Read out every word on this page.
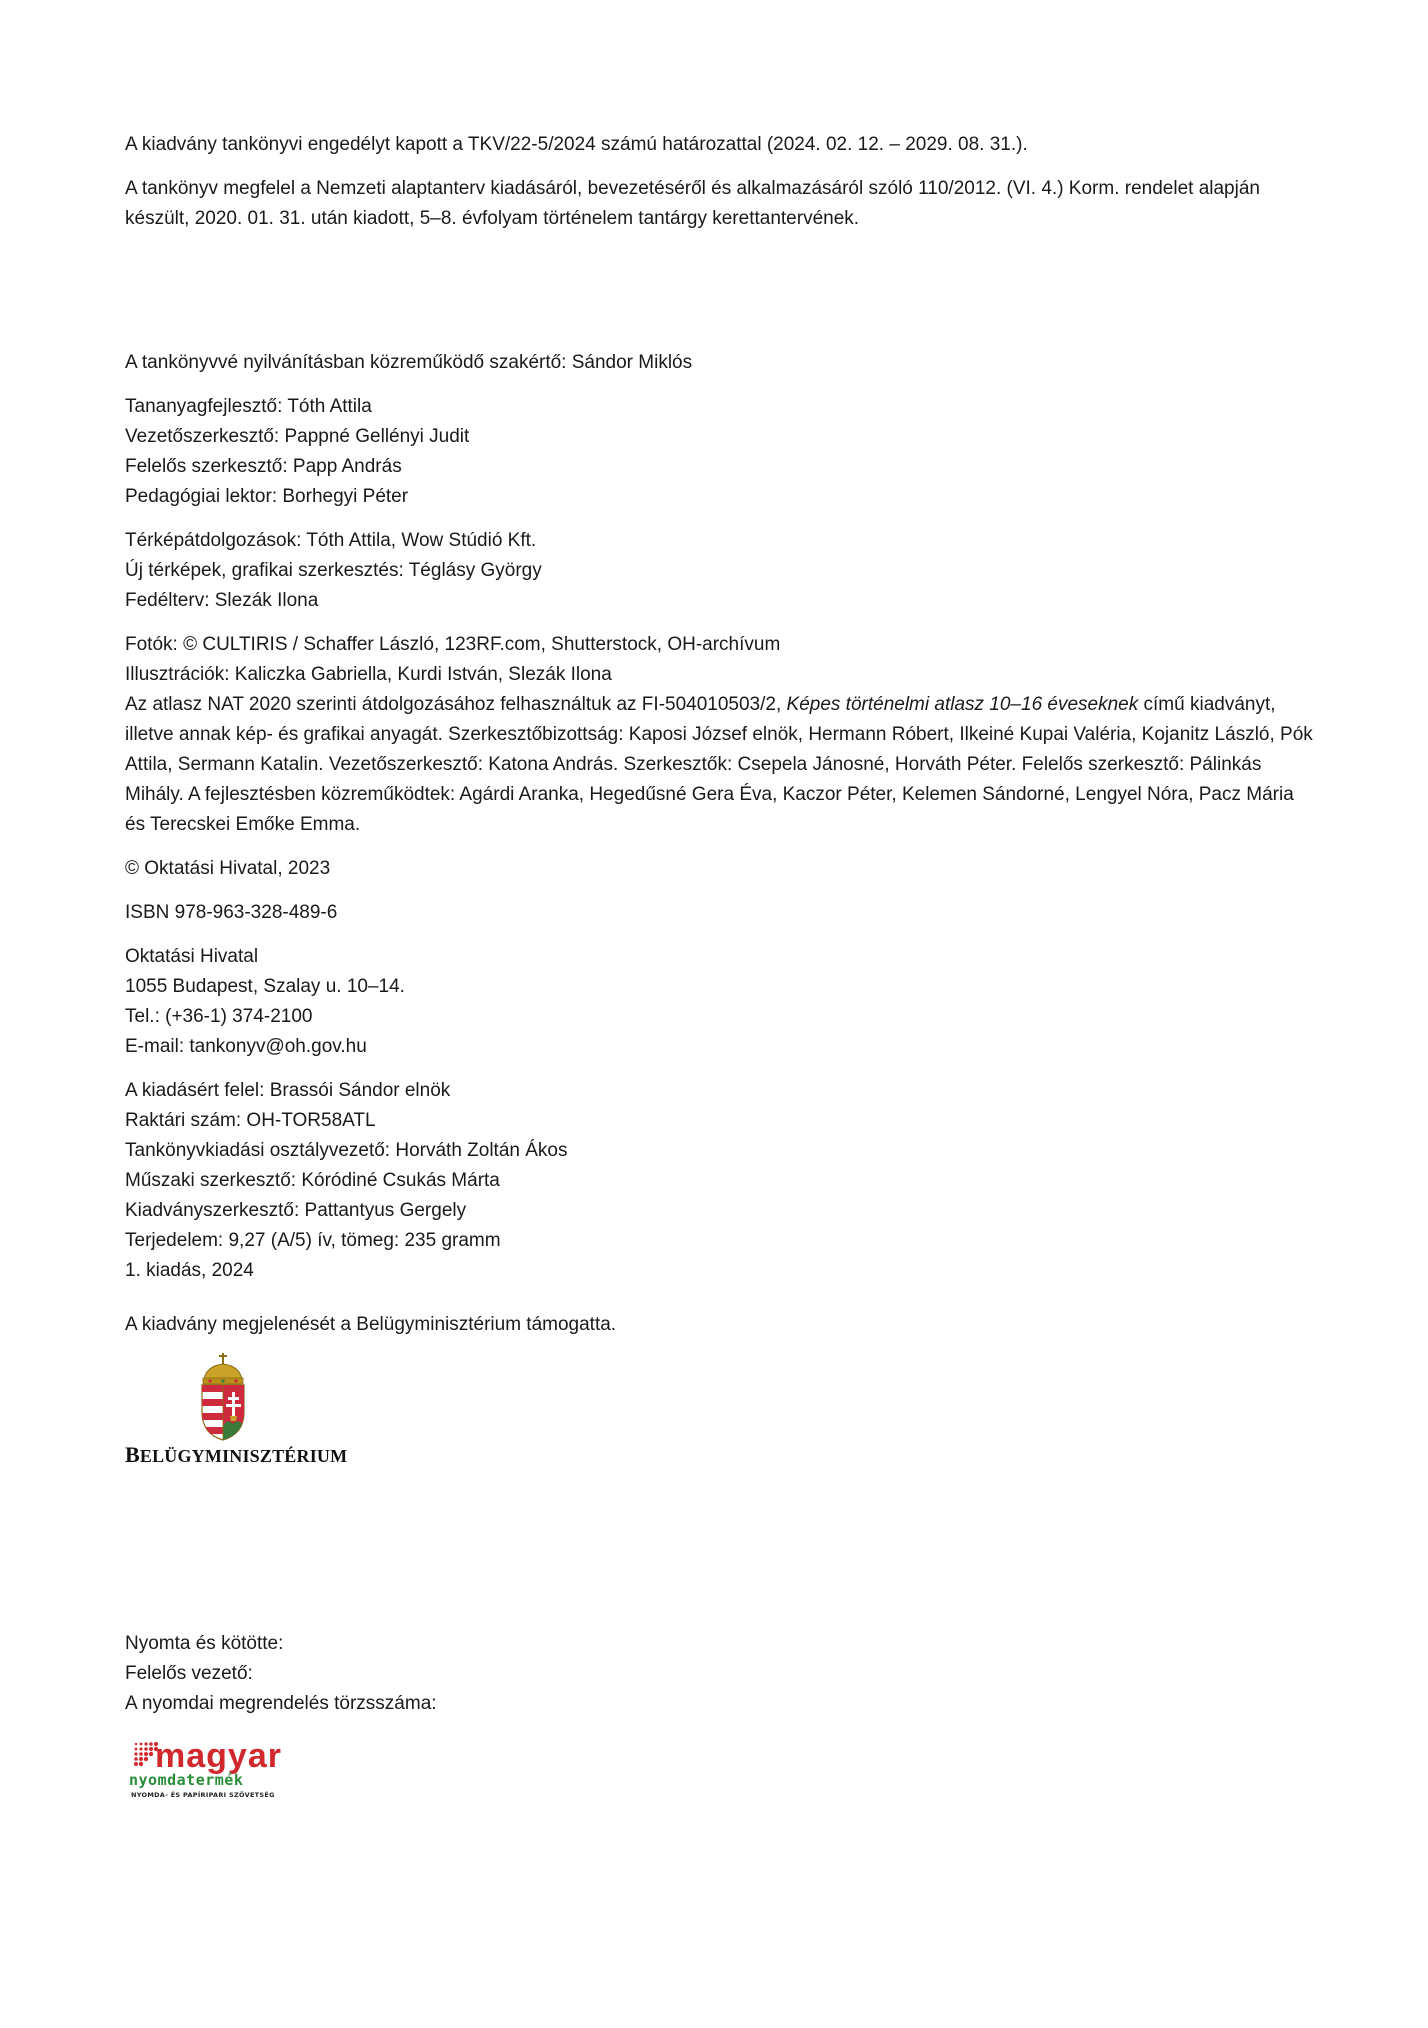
A kiadvány tankönyvi engedélyt kapott a TKV/22-5/2024 számú határozattal (2024. 02. 12. – 2029. 08. 31.).

A tankönyv megfelel a Nemzeti alaptanterv kiadásáról, bevezetéséről és alkalmazásáról szóló 110/2012. (VI. 4.) Korm. rendelet alapján készült, 2020. 01. 31. után kiadott, 5–8. évfolyam történelem tantárgy kerettantervének.

A tankönyvvé nyilvánításban közreműködő szakértő: Sándor Miklós

Tananyagfejlesztő: Tóth Attila
Vezetőszerkesztő: Pappné Gellényi Judit
Felelős szerkesztő: Papp András
Pedagógiai lektor: Borhegyi Péter
Térképátdolgozások: Tóth Attila, Wow Stúdió Kft.
Új térképek, grafikai szerkesztés: Téglásy György
Fedélterv: Slezák Ilona
Fotók: © CULTIRIS / Schaffer László, 123RF.com, Shutterstock, OH-archívum
Illusztrációk: Kaliczka Gabriella, Kurdi István, Slezák Ilona

Az atlasz NAT 2020 szerinti átdolgozásához felhasználtuk az FI-504010503/2, Képes történelmi atlasz 10–16 éveseknek című kiadványt, illetve annak kép- és grafikai anyagát. Szerkesztőbizottság: Kaposi József elnök, Hermann Róbert, Ilkeiné Kupai Valéria, Kojanitz László, Pók Attila, Sermann Katalin. Vezetőszerkesztő: Katona András. Szerkesztők: Csepela Jánosné, Horváth Péter. Felelős szerkesztő: Pálinkás Mihály. A fejlesztésben közreműködtek: Agárdi Aranka, Hegedűsné Gera Éva, Kaczor Péter, Kelemen Sándorné, Lengyel Nóra, Pacz Mária és Terecskei Emőke Emma.

© Oktatási Hivatal, 2023

ISBN 978-963-328-489-6

Oktatási Hivatal
1055 Budapest, Szalay u. 10–14.
Tel.: (+36-1) 374-2100
E-mail: tankonyv@oh.gov.hu
A kiadásért felel: Brassói Sándor elnök
Raktári szám: OH-TOR58ATL
Tankönyvkiadási osztályvezető: Horváth Zoltán Ákos
Műszaki szerkesztő: Kóródiné Csukás Márta
Kiadványszerkesztő: Pattantyus Gergely
Terjedelem: 9,27 (A/5) ív, tömeg: 235 gramm
1. kiadás, 2024

A kiadvány megjelenését a Belügyminisztérium támogatta.

BELÜGYMINISZTÉRIUM
Nyomta és kötötte:
Felelős vezető:
A nyomdai megrendelés törzsszáma:
magyar
nyomdatermék
NYOMDA- ÉS PAPÍRIPARI SZÖVETSÉG
